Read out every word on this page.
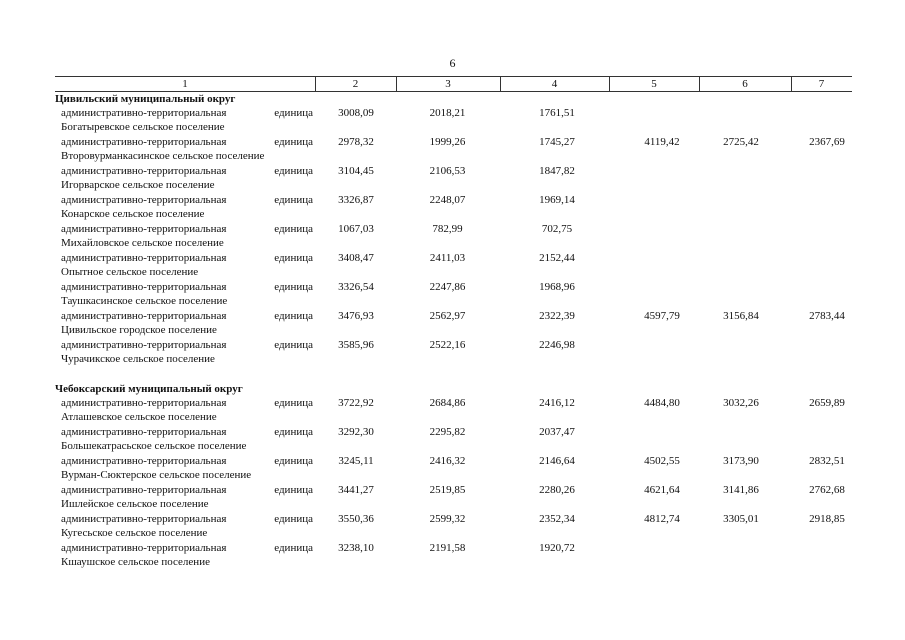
6
1	2	3	4	5	6	7
Цивильский муниципальный округ
административно-территориальная единица
Богатыревское сельское поселение
3008,09	2018,21	1761,51
административно-территориальная единица
Второвурманкасинское сельское поселение
2978,32	1999,26	1745,27	4119,42	2725,42	2367,69
административно-территориальная единица
Игорварское сельское поселение
3104,45	2106,53	1847,82
административно-территориальная единица
Конарское сельское поселение
3326,87	2248,07	1969,14
административно-территориальная единица
Михайловское сельское поселение
1067,03	782,99	702,75
административно-территориальная единица
Опытное сельское поселение
3408,47	2411,03	2152,44
административно-территориальная единица
Таушкасинское сельское поселение
3326,54	2247,86	1968,96
административно-территориальная единица
Цивильское городское поселение
3476,93	2562,97	2322,39	4597,79	3156,84	2783,44
административно-территориальная единица
Чурачикское сельское поселение
3585,96	2522,16	2246,98
Чебоксарский муниципальный округ
административно-территориальная единица
Атлашевское сельское поселение
3722,92	2684,86	2416,12	4484,80	3032,26	2659,89
административно-территориальная единица
Большекатрасьское сельское поселение
3292,30	2295,82	2037,47
административно-территориальная единица
Вурман-Сюктерское сельское поселение
3245,11	2416,32	2146,64	4502,55	3173,90	2832,51
административно-территориальная единица
Ишлейское сельское поселение
3441,27	2519,85	2280,26	4621,64	3141,86	2762,68
административно-территориальная единица
Кугесьское сельское поселение
3550,36	2599,32	2352,34	4812,74	3305,01	2918,85
административно-территориальная единица
Кшаушское сельское поселение
3238,10	2191,58	1920,72
